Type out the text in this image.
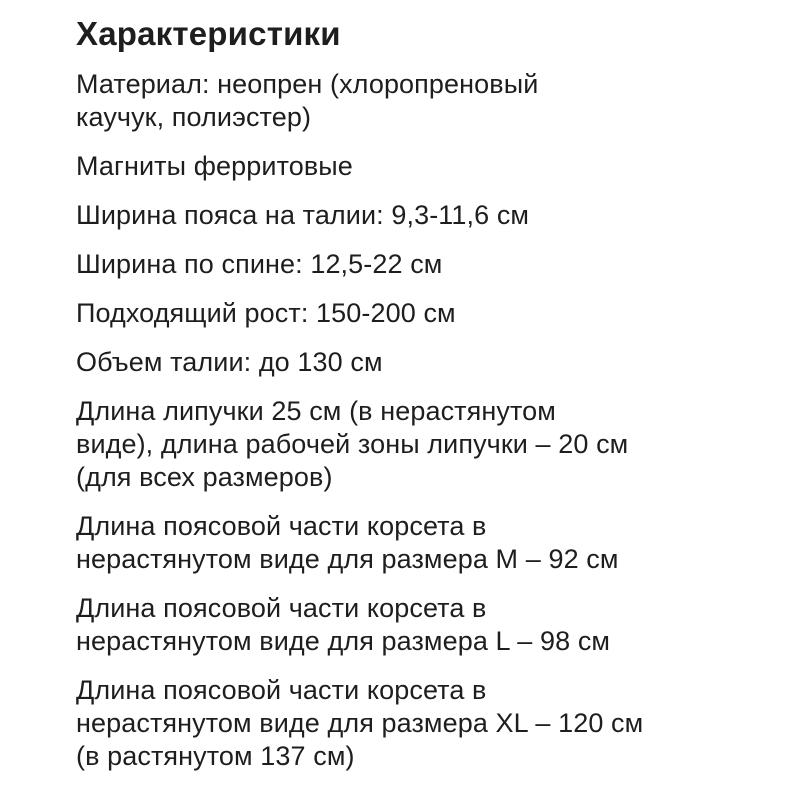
Характеристики
Материал: неопрен (хлоропреновый
каучук, полиэстер)
Магниты ферритовые
Ширина пояса на талии: 9,3-11,6 см
Ширина по спине: 12,5-22 см
Подходящий рост: 150-200 см
Объем талии: до 130 см
Длина липучки 25 см (в нерастянутом
виде), длина рабочей зоны липучки – 20 см
(для всех размеров)
Длина поясовой части корсета в
нерастянутом виде для размера M – 92 см
Длина поясовой части корсета в
нерастянутом виде для размера L – 98 см
Длина поясовой части корсета в
нерастянутом виде для размера XL – 120 см
(в растянутом 137 см)
